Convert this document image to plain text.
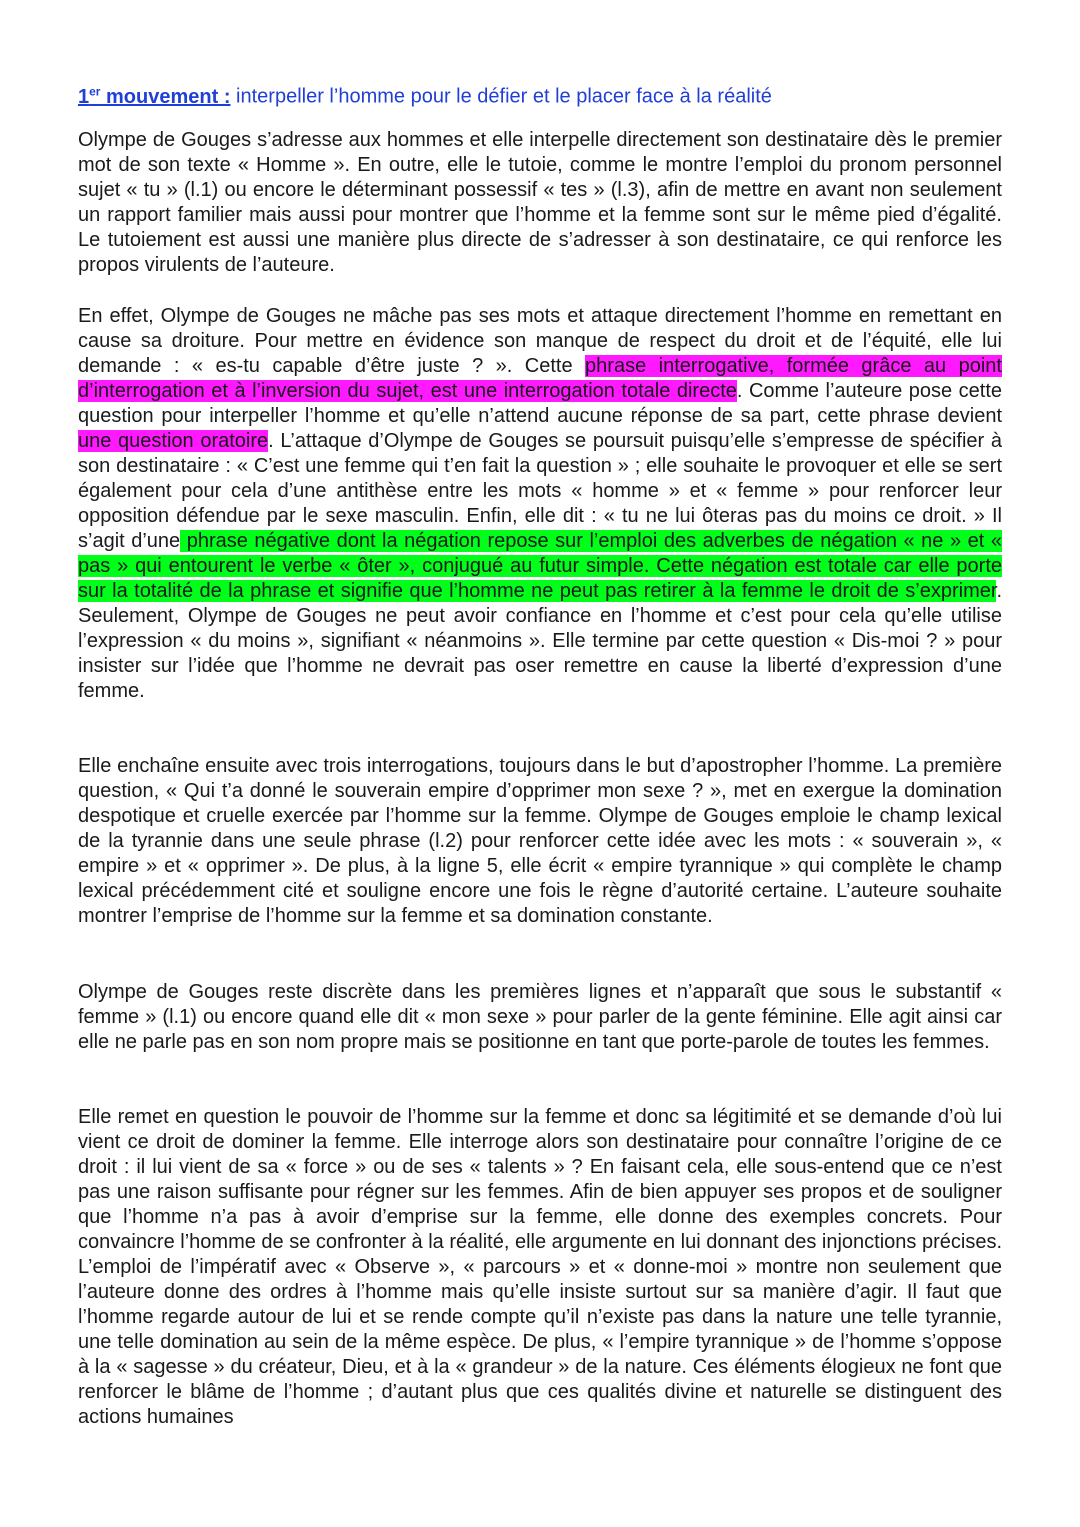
1er mouvement : interpeller l’homme pour le défier et le placer face à la réalité

Olympe de Gouges s’adresse aux hommes et elle interpelle directement son destinataire dès le premier mot de son texte « Homme ». En outre, elle le tutoie, comme le montre l’emploi du pronom personnel sujet « tu » (l.1) ou encore le déterminant possessif « tes » (l.3), afin de mettre en avant non seulement un rapport familier mais aussi pour montrer que l’homme et la femme sont sur le même pied d’égalité. Le tutoiement est aussi une manière plus directe de s’adresser à son destinataire, ce qui renforce les propos virulents de l’auteure.

En effet, Olympe de Gouges ne mâche pas ses mots et attaque directement l’homme en remettant en cause sa droiture. Pour mettre en évidence son manque de respect du droit et de l’équité, elle lui demande : « es-tu capable d’être juste ? ». Cette phrase interrogative, formée grâce au point d’interrogation et à l’inversion du sujet, est une interrogation totale directe. Comme l’auteure pose cette question pour interpeller l’homme et qu’elle n’attend aucune réponse de sa part, cette phrase devient une question oratoire. L’attaque d’Olympe de Gouges se poursuit puisqu’elle s’empresse de spécifier à son destinataire : « C’est une femme qui t’en fait la question » ; elle souhaite le provoquer et elle se sert également pour cela d’une antithèse entre les mots « homme » et « femme » pour renforcer leur opposition défendue par le sexe masculin. Enfin, elle dit : « tu ne lui ôteras pas du moins ce droit. » Il s’agit d’une phrase négative dont la négation repose sur l’emploi des adverbes de négation « ne » et « pas » qui entourent le verbe « ôter », conjugué au futur simple. Cette négation est totale car elle porte sur la totalité de la phrase et signifie que l’homme ne peut pas retirer à la femme le droit de s’exprimer. Seulement, Olympe de Gouges ne peut avoir confiance en l’homme et c’est pour cela qu’elle utilise l’expression « du moins », signifiant « néanmoins ». Elle termine par cette question « Dis-moi ? » pour insister sur l’idée que l’homme ne devrait pas oser remettre en cause la liberté d’expression d’une femme.

Elle enchaîne ensuite avec trois interrogations, toujours dans le but d’apostropher l’homme. La première question, « Qui t’a donné le souverain empire d’opprimer mon sexe ? », met en exergue la domination despotique et cruelle exercée par l’homme sur la femme. Olympe de Gouges emploie le champ lexical de la tyrannie dans une seule phrase (l.2) pour renforcer cette idée avec les mots : « souverain », « empire » et « opprimer ». De plus, à la ligne 5, elle écrit « empire tyrannique » qui complète le champ lexical précédemment cité et souligne encore une fois le règne d’autorité certaine. L’auteure souhaite montrer l’emprise de l’homme sur la femme et sa domination constante.

Olympe de Gouges reste discrète dans les premières lignes et n’apparaît que sous le substantif « femme » (l.1) ou encore quand elle dit « mon sexe » pour parler de la gente féminine. Elle agit ainsi car elle ne parle pas en son nom propre mais se positionne en tant que porte-parole de toutes les femmes.

Elle remet en question le pouvoir de l’homme sur la femme et donc sa légitimité et se demande d’où lui vient ce droit de dominer la femme. Elle interroge alors son destinataire pour connaître l’origine de ce droit : il lui vient de sa « force » ou de ses « talents » ? En faisant cela, elle sous-entend que ce n’est pas une raison suffisante pour régner sur les femmes. Afin de bien appuyer ses propos et de souligner que l’homme n’a pas à avoir d’emprise sur la femme, elle donne des exemples concrets. Pour convaincre l’homme de se confronter à la réalité, elle argumente en lui donnant des injonctions précises. L’emploi de l’impératif avec « Observe », « parcours » et « donne-moi » montre non seulement que l’auteure donne des ordres à l’homme mais qu’elle insiste surtout sur sa manière d’agir. Il faut que l’homme regarde autour de lui et se rende compte qu’il n’existe pas dans la nature une telle tyrannie, une telle domination au sein de la même espèce. De plus, « l’empire tyrannique » de l’homme s’oppose à la « sagesse » du créateur, Dieu, et à la « grandeur » de la nature. Ces éléments élogieux ne font que renforcer le blâme de l’homme ; d’autant plus que ces qualités divine et naturelle se distinguent des actions humaines
